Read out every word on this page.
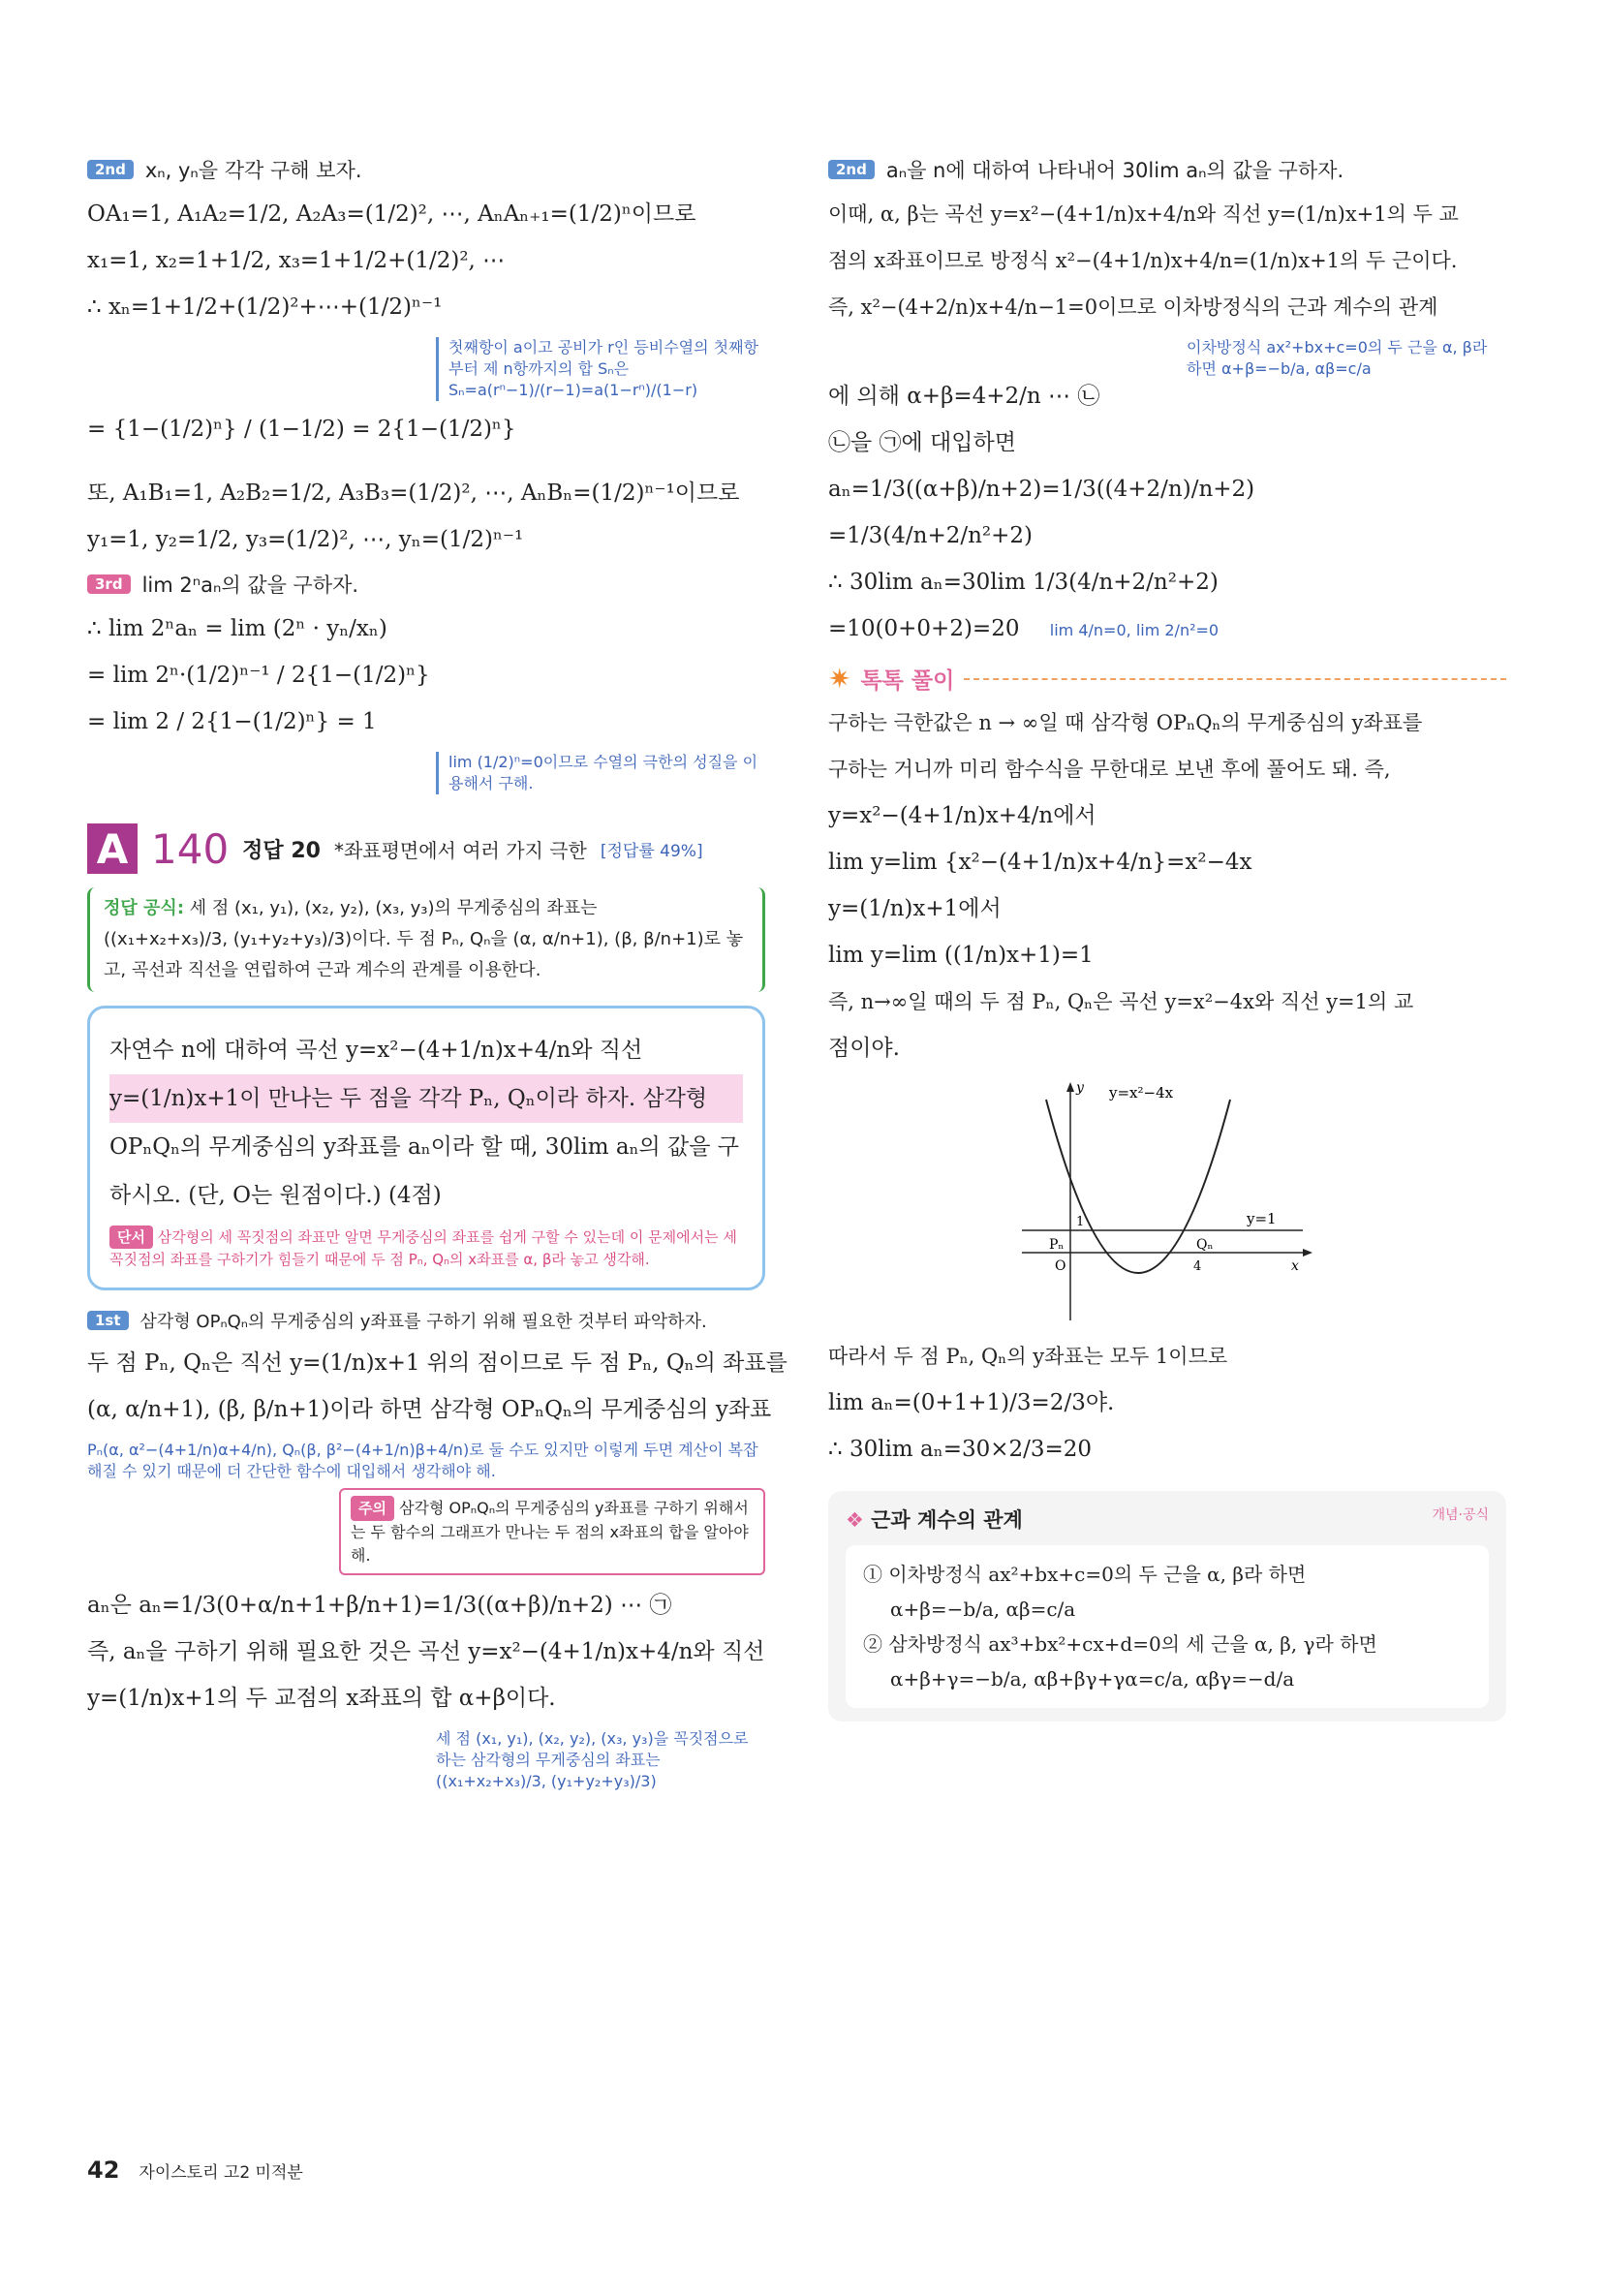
2nd xₙ, yₙ을 각각 구해 보자.
OA₁=1, A₁A₂=1/2, A₂A₃=(1/2)², ⋯, AₙAₙ₊₁=(1/2)ⁿ이므로
x₁=1, x₂=1+1/2, x₃=1+1/2+(1/2)², ⋯
∴ xₙ=1+1/2+(1/2)²+⋯+(1/2)ⁿ⁻¹
첫째항이 a이고 공비가 r인 등비수열의 첫째항부터 제 n항까지의 합 Sₙ은 Sₙ=a(rⁿ−1)/(r−1)=a(1−rⁿ)/(1−r)
= {1−(1/2)ⁿ} / (1−1/2) = 2{1−(1/2)ⁿ}
또, A₁B₁=1, A₂B₂=1/2, A₃B₃=(1/2)², ⋯, AₙBₙ=(1/2)ⁿ⁻¹이므로
y₁=1, y₂=1/2, y₃=(1/2)², ⋯, yₙ=(1/2)ⁿ⁻¹
3rd lim 2ⁿaₙ의 값을 구하자.
∴ lim 2ⁿaₙ = lim (2ⁿ · yₙ/xₙ)
= lim 2ⁿ·(1/2)ⁿ⁻¹ / 2{1−(1/2)ⁿ}
= lim 2 / 2{1−(1/2)ⁿ} = 1
lim (1/2)ⁿ=0이므로 수열의 극한의 성질을 이용해서 구해.
A 140 정답 20 *좌표평면에서 여러 가지 극한 [정답률 49%]
정답 공식: 세 점 (x₁, y₁), (x₂, y₂), (x₃, y₃)의 무게중심의 좌표는
((x₁+x₂+x₃)/3, (y₁+y₂+y₃)/3)이다. 두 점 Pₙ, Qₙ을 (α, α/n+1), (β, β/n+1)로 놓
고, 곡선과 직선을 연립하여 근과 계수의 관계를 이용한다.
자연수 n에 대하여 곡선 y=x²−(4+1/n)x+4/n와 직선
y=(1/n)x+1이 만나는 두 점을 각각 Pₙ, Qₙ이라 하자. 삼각형
OPₙQₙ의 무게중심의 y좌표를 aₙ이라 할 때, 30lim aₙ의 값을 구
하시오. (단, O는 원점이다.) (4점)
단서 삼각형의 세 꼭짓점의 좌표만 알면 무게중심의 좌표를 쉽게 구할 수 있는데 이 문제에서는 세 꼭짓점의 좌표를 구하기가 힘들기 때문에 두 점 Pₙ, Qₙ의 x좌표를 α, β라 놓고 생각해.
1st	삼각형 OPₙQₙ의 무게중심의 y좌표를 구하기 위해 필요한 것부터 파악하자.
두 점 Pₙ, Qₙ은 직선 y=(1/n)x+1 위의 점이므로 두 점 Pₙ, Qₙ의 좌표를
(α, α/n+1), (β, β/n+1)이라 하면 삼각형 OPₙQₙ의 무게중심의 y좌표
Pₙ(α, α²−(4+1/n)α+4/n), Qₙ(β, β²−(4+1/n)β+4/n)로 둘 수도 있지만 이렇게 두면 계산이 복잡해질 수 있기 때문에 더 간단한 함수에 대입해서 생각해야 해.
주의 삼각형 OPₙQₙ의 무게중심의 y좌표를 구하기 위해서는 두 함수의 그래프가 만나는 두 점의 x좌표의 합을 알아야 해.
aₙ은 aₙ=1/3(0+α/n+1+β/n+1)=1/3((α+β)/n+2) ⋯ ㉠
즉, aₙ을 구하기 위해 필요한 것은 곡선 y=x²−(4+1/n)x+4/n와 직선
y=(1/n)x+1의 두 교점의 x좌표의 합 α+β이다.
세 점 (x₁, y₁), (x₂, y₂), (x₃, y₃)을 꼭짓점으로 하는 삼각형의 무게중심의 좌표는 ((x₁+x₂+x₃)/3, (y₁+y₂+y₃)/3)
2nd aₙ을 n에 대하여 나타내어 30lim aₙ의 값을 구하자.
이때, α, β는 곡선 y=x²−(4+1/n)x+4/n와 직선 y=(1/n)x+1의 두 교
점의 x좌표이므로 방정식 x²−(4+1/n)x+4/n=(1/n)x+1의 두 근이다.
즉, x²−(4+2/n)x+4/n−1=0이므로 이차방정식의 근과 계수의 관계
이차방정식 ax²+bx+c=0의 두 근을 α, β라 하면 α+β=−b/a, αβ=c/a
에 의해 α+β=4+2/n ⋯ ㉡
㉡을 ㉠에 대입하면
aₙ=1/3((α+β)/n+2)=1/3((4+2/n)/n+2)
=1/3(4/n+2/n²+2)
∴ 30lim aₙ=30lim 1/3(4/n+2/n²+2)
=10(0+0+2)=20 lim 4/n=0, lim 2/n²=0
✷ 톡톡 풀이
구하는 극한값은 n → ∞일 때 삼각형 OPₙQₙ의 무게중심의 y좌표를
구하는 거니까 미리 함수식을 무한대로 보낸 후에 풀어도 돼. 즉,
y=x²−(4+1/n)x+4/n에서
lim y=lim {x²−(4+1/n)x+4/n}=x²−4x
y=(1/n)x+1에서
lim y=lim ((1/n)x+1)=1
즉, n→∞일 때의 두 점 Pₙ, Qₙ은 곡선 y=x²−4x와 직선 y=1의 교
점이야.
y=x²−4x
y=1
y
x
O
1
4
Pₙ	Qₙ
따라서 두 점 Pₙ, Qₙ의 y좌표는 모두 1이므로
lim aₙ=(0+1+1)/3=2/3야.
∴ 30lim aₙ=30×2/3=20
❖ 근과 계수의 관계	개념·공식
① 이차방정식 ax²+bx+c=0의 두 근을 α, β라 하면
α+β=−b/a, αβ=c/a
② 삼차방정식 ax³+bx²+cx+d=0의 세 근을 α, β, γ라 하면
α+β+γ=−b/a, αβ+βγ+γα=c/a, αβγ=−d/a
42 자이스토리 고2 미적분
